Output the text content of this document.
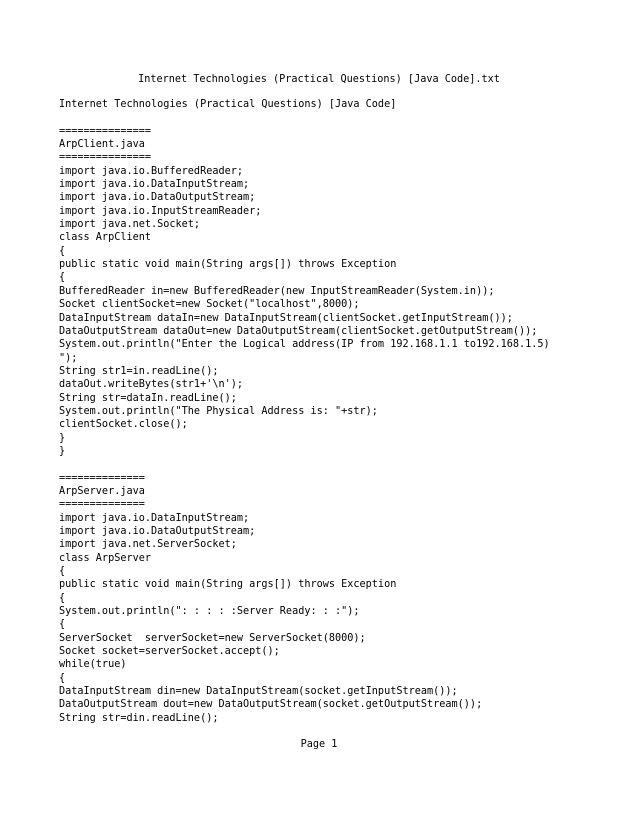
Internet Technologies (Practical Questions) [Java Code].txt
Internet Technologies (Practical Questions) [Java Code]
===============
ArpClient.java
===============
import java.io.BufferedReader;
import java.io.DataInputStream;
import java.io.DataOutputStream;
import java.io.InputStreamReader;
import java.net.Socket;
class ArpClient
{
public static void main(String args[]) throws Exception
{
BufferedReader in=new BufferedReader(new InputStreamReader(System.in));
Socket clientSocket=new Socket("localhost",8000);
DataInputStream dataIn=new DataInputStream(clientSocket.getInputStream());
DataOutputStream dataOut=new DataOutputStream(clientSocket.getOutputStream());
System.out.println("Enter the Logical address(IP from 192.168.1.1 to192.168.1.5)
");
String str1=in.readLine();
dataOut.writeBytes(str1+'\n');
String str=dataIn.readLine();
System.out.println("The Physical Address is: "+str);
clientSocket.close();
}
}
==============
ArpServer.java
==============
import java.io.DataInputStream;
import java.io.DataOutputStream;
import java.net.ServerSocket;
class ArpServer
{
public static void main(String args[]) throws Exception
{
System.out.println(": : : : :Server Ready: : :");
{
ServerSocket  serverSocket=new ServerSocket(8000);
Socket socket=serverSocket.accept();
while(true)
{
DataInputStream din=new DataInputStream(socket.getInputStream());
DataOutputStream dout=new DataOutputStream(socket.getOutputStream());
String str=din.readLine();
Page 1
